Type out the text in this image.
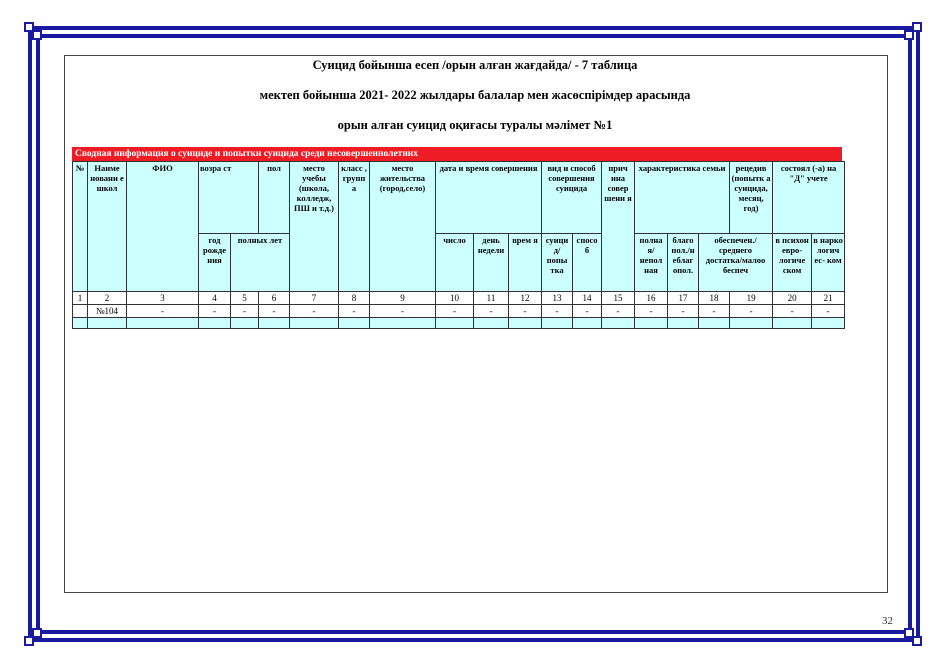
Суицид бойынша есеп /орын алған жағдайда/ - 7 таблица
мектеп бойынша 2021- 2022 жылдары балалар мен жасөспірімдер арасында
орын алған суицид оқиғасы туралы мәлімет №1
Сводная информация о суициде и попытки суицида среди несовершеннолетних
№	Наиме новани е школ	ФИО	возра ст		пол	место учебы (школа, колледж, ПШ и т.д.)	класс , групп а	место жительства (город,село)	дата и время совершения			вид и способ совершения суицида		прич ина совер шени я	характеристика семьи			рецедив (попытк а суицида, месяц, год)	состоял (-а) на "Д" учете	
			год рожде ния	полных лет					число	день недели	врем я	суици д/ попы тка	спосо б		полна я/ непол ная	благо пол./н еблаг опол.	обеспечен./ среднего достатка/малоо беспеч		в психон евро- логиче ском	в нарко логич ес- ком
1	2	3	4	5	6	7	8	9	10	11	12	13	14	15	16	17	18	19	20	21
	№104	-	-	-	-	-	-	-	-	-	-	-	-	-	-	-	-	-	-	-

32
